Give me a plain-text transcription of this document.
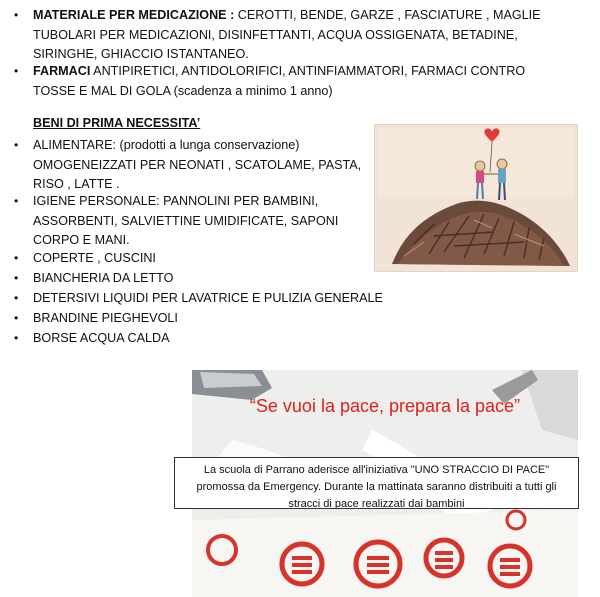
• MATERIALE PER MEDICAZIONE : CEROTTI, BENDE, GARZE , FASCIATURE , MAGLIE
TUBOLARI PER MEDICAZIONI, DISINFETTANTI, ACQUA OSSIGENATA, BETADINE,
SIRINGHE, GHIACCIO ISTANTANEO.
• FARMACI ANTIPIRETICI, ANTIDOLORIFICI, ANTINFIAMMATORI, FARMACI CONTRO
TOSSE E MAL DI GOLA (scadenza a minimo 1 anno)
BENI DI PRIMA NECESSITA’
• ALIMENTARE: (prodotti a lunga conservazione)
OMOGENEIZZATI PER NEONATI , SCATOLAME, PASTA,
RISO , LATTE .
• IGIENE PERSONALE: PANNOLINI PER BAMBINI,
ASSORBENTI, SALVIETTINE UMIDIFICATE, SAPONI
CORPO E MANI.
• COPERTE , CUSCINI
• BIANCHERIA DA LETTO
• DETERSIVI LIQUIDI PER LAVATRICE E PULIZIA GENERALE
• BRANDINE PIEGHEVOLI
• BORSE ACQUA CALDA
“Se vuoi la pace, prepara la pace”
La scuola di Parrano aderisce all'iniziativa "UNO STRACCIO DI PACE"
promossa da Emergency. Durante la mattinata saranno distribuiti a tutti gli
stracci di pace realizzati dai bambini
